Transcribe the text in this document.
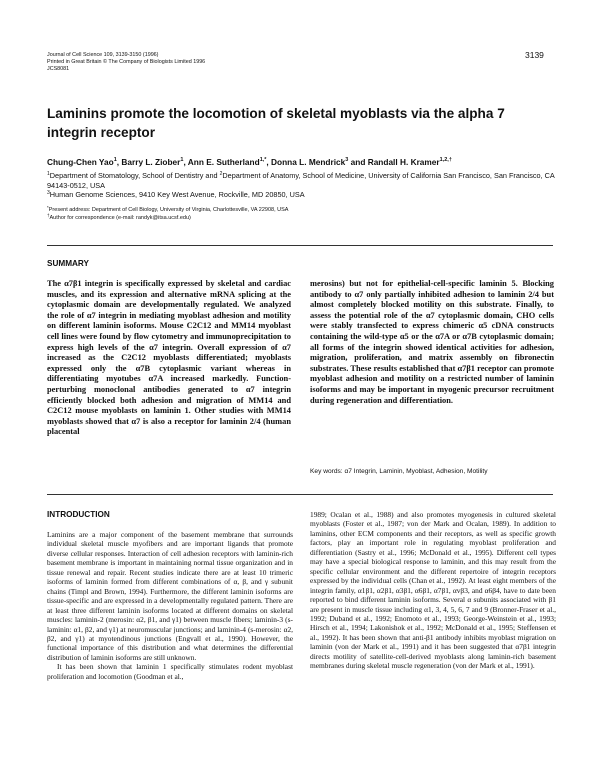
Journal of Cell Science 109, 3139-3150 (1996)
Printed in Great Britain © The Company of Biologists Limited 1996
JCS8081
3139
Laminins promote the locomotion of skeletal myoblasts via the alpha 7 integrin receptor
Chung-Chen Yao$^1$, Barry L. Ziober$^1$, Ann E. Sutherland$^{1,*}$, Donna L. Mendrick$^3$ and Randall H. Kramer$^{1,2,\dagger}$
$^1$Department of Stomatology, School of Dentistry and $^2$Department of Anatomy, School of Medicine, University of California San Francisco, San Francisco, CA 94143-0512, USA
$^3$Human Genome Sciences, 9410 Key West Avenue, Rockville, MD 20850, USA
*Present address: Department of Cell Biology, University of Virginia, Charlottesville, VA 22908, USA
†Author for correspondence (e-mail: randyk@itsa.ucsf.edu)
SUMMARY
The α7β1 integrin is specifically expressed by skeletal and cardiac muscles, and its expression and alternative mRNA splicing at the cytoplasmic domain are developmentally regulated. We analyzed the role of α7 integrin in mediating myoblast adhesion and motility on different laminin isoforms. Mouse C2C12 and MM14 myoblast cell lines were found by flow cytometry and immunoprecipitation to express high levels of the α7 integrin. Overall expression of α7 increased as the C2C12 myoblasts differentiated; myoblasts expressed only the α7B cytoplasmic variant whereas in differentiating myotubes α7A increased markedly. Function-perturbing monoclonal antibodies generated to α7 integrin efficiently blocked both adhesion and migration of MM14 and C2C12 mouse myoblasts on laminin 1. Other studies with MM14 myoblasts showed that α7 is also a receptor for laminin 2/4 (human placental
merosins) but not for epithelial-cell-specific laminin 5. Blocking antibody to α7 only partially inhibited adhesion to laminin 2/4 but almost completely blocked motility on this substrate. Finally, to assess the potential role of the α7 cytoplasmic domain, CHO cells were stably transfected to express chimeric α5 cDNA constructs containing the wild-type α5 or the α7A or α7B cytoplasmic domain; all forms of the integrin showed identical activities for adhesion, migration, proliferation, and matrix assembly on fibronectin substrates. These results established that α7β1 receptor can promote myoblast adhesion and motility on a restricted number of laminin isoforms and may be important in myogenic precursor recruitment during regeneration and differentiation.
Key words: α7 Integrin, Laminin, Myoblast, Adhesion, Motility
INTRODUCTION

Laminins are a major component of the basement membrane that surrounds individual skeletal muscle myofibers and are important ligands that promote diverse cellular responses. Interaction of cell adhesion receptors with laminin-rich basement membrane is important in maintaining normal tissue organization and in tissue renewal and repair. Recent studies indicate there are at least 10 trimeric isoforms of laminin formed from different combinations of α, β, and γ subunit chains (Timpl and Brown, 1994). Furthermore, the different laminin isoforms are tissue-specific and are expressed in a developmentally regulated pattern. There are at least three different laminin isoforms located at different domains on skeletal muscles: laminin-2 (merosin: α2, β1, and γ1) between muscle fibers; laminin-3 (s-laminin: α1, β2, and γ1) at neuromuscular junctions; and laminin-4 (s-merosin: α2, β2, and γ1) at myotendinous junctions (Engvall et al., 1990). However, the functional importance of this distribution and what determines the differential distribution of laminin isoforms are still unknown.

It has been shown that laminin 1 specifically stimulates rodent myoblast proliferation and locomotion (Goodman et al.,

1989; Ocalan et al., 1988) and also promotes myogenesis in cultured skeletal myoblasts (Foster et al., 1987; von der Mark and Ocalan, 1989). In addition to laminins, other ECM components and their receptors, as well as specific growth factors, play an important role in regulating myoblast proliferation and differentiation (Sastry et al., 1996; McDonald et al., 1995). Different cell types may have a special biological response to laminin, and this may result from the specific cellular environment and the different repertoire of integrin receptors expressed by the individual cells (Chan et al., 1992). At least eight members of the integrin family, α1β1, α2β1, α3β1, α6β1, α7β1, αvβ3, and α6β4, have to date been reported to bind different laminin isoforms. Several α subunits associated with β1 are present in muscle tissue including α1, 3, 4, 5, 6, 7 and 9 (Bronner-Fraser et al., 1992; Duband et al., 1992; Enomoto et al., 1993; George-Weinstein et al., 1993; Hirsch et al., 1994; Lakonishok et al., 1992; McDonald et al., 1995; Steffensen et al., 1992). It has been shown that anti-β1 antibody inhibits myoblast migration on laminin (von der Mark et al., 1991) and it has been suggested that α7β1 integrin directs motility of satellite-cell-derived myoblasts along laminin-rich basement membranes during skeletal muscle regeneration (von der Mark et al., 1991).
